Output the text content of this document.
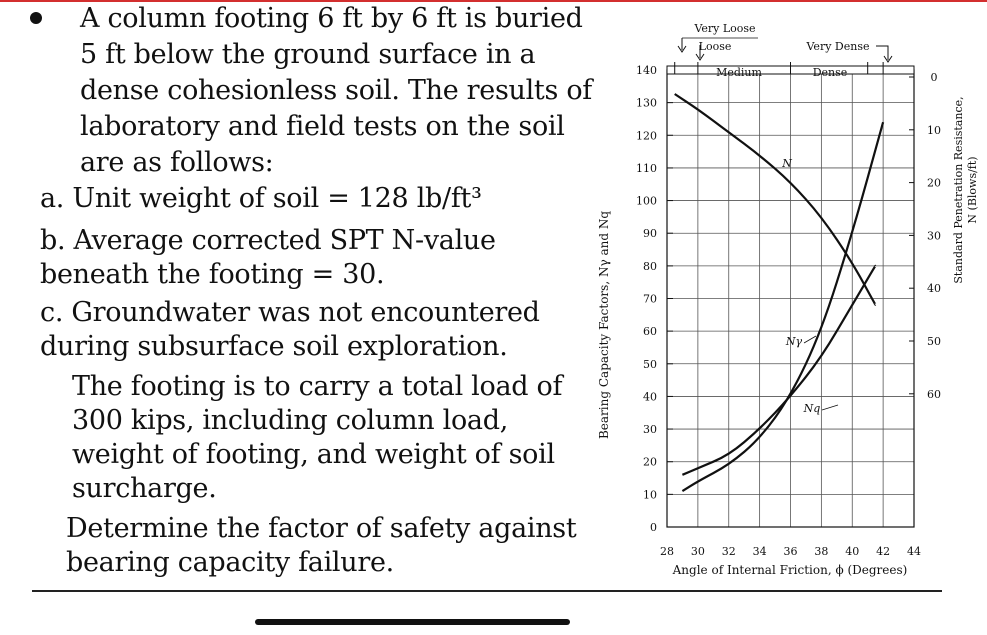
A column footing 6 ft by 6 ft is buried

5 ft below the ground surface in a

dense cohesionless soil. The results of

laboratory and field tests on the soil

are as follows:

a. Unit weight of soil = 128 lb/ft³

b. Average corrected SPT N-value

beneath the footing = 30.

c. Groundwater was not encountered

during subsurface soil exploration.

The footing is to carry a total load of

300 kips, including column load,

weight of footing, and weight of soil

surcharge.

Determine the factor of safety against

bearing capacity failure.

0
10
20
30
40
50
60
70
80
90
100
110
120
130
140
28 30 32 34 36 38 40 42 44
0
10
20
30
40
50
60
Very Loose
Loose
Medium	Dense
Very Dense
N
Nγ
Nq
Angle of Internal Friction, ϕ (Degrees)
Bearing Capacity Factors, Nγ and Nq
Standard Penetration Resistance, N (Blows/ft)
